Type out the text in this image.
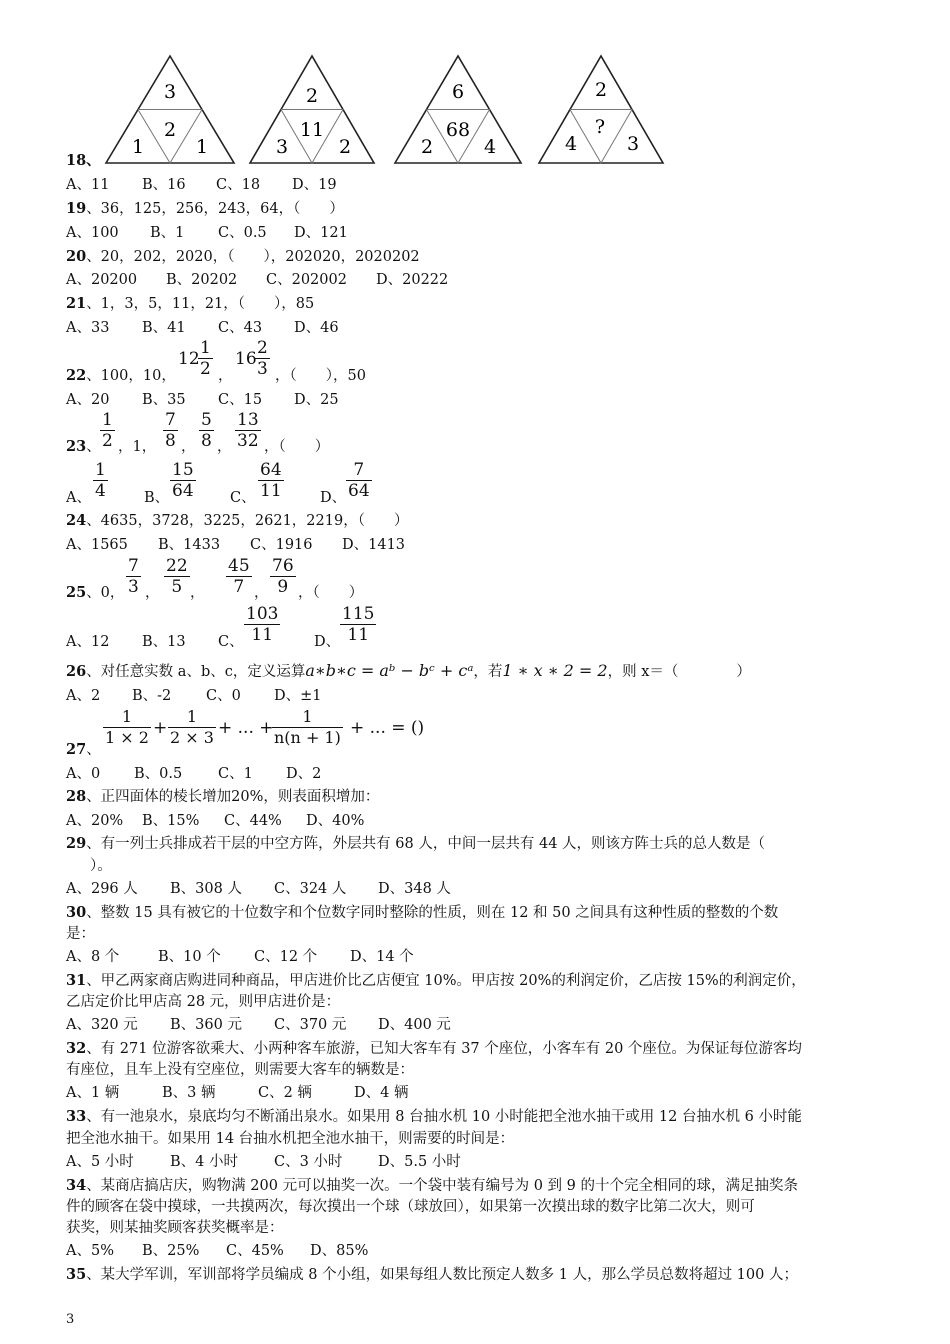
3
2
1	1
2
11
3	2
6
68
2	4
2
?
4	3
18、
A、11 B、16 C、18 D、19
19、36，125，256，243，64，（　　）
A、100 B、1 C、0.5 D、121
20、20，202，2020，（　　），202020，2020202
A、20200 B、20202 C、202002 D、20222
21、1，3，5，11，21，（　　），85
A、33 B、41 C、43 D、46
22、100，10，
12
$\frac{1}{2}$ ，
16
$\frac{2}{3}$ ，（　　），50
A、20 B、35 C、15 D、25
23、 $\frac{1}{2}$ ，1， $\frac{7}{8}$ ， $\frac{5}{8}$ ， $\frac{13}{32}$ ，（　　）
A、 $\frac{1}{4}$ B、 $\frac{15}{64}$ C、 $\frac{64}{11}$	D、 $\frac{7}{64}$
24、4635，3728，3225，2621，2219，（　　）
A、1565 B、1433 C、1916 D、1413
25、0， $\frac{7}{3}$ ， $\frac{22}{5}$ ， $\frac{45}{7}$ ， $\frac{76}{9}$ ，（　　）
A、12 B、13 C、 $\frac{103}{11}$ D、 $\frac{115}{11}$
26、对任意实数 a、b、c，定义运算a∗b∗c = aᵇ − bᶜ + cᵃ，若1 ∗ x ∗ 2 = 2，则 x＝（　　　　）
A、2 B、-2 C、0 D、±1
27、
$\frac{1}{1 \times 2} + \frac{1}{2 \times 3}$ + ... +
$\frac{1}{n(n + 1)}$ + ... = ()
A、0 B、0.5 C、1 D、2
28、正四面体的棱长增加20%，则表面积增加：
A、20% B、15% C、44% D、40%
29、有一列士兵排成若干层的中空方阵，外层共有 68 人，中间一层共有 44 人，则该方阵士兵的总人数是（
）。
A、296 人 B、308 人 C、324 人 D、348 人
30、整数 15 具有被它的十位数字和个位数字同时整除的性质，则在 12 和 50 之间具有这种性质的整数的个数
是：
A、8 个	B、10 个 C、12 个 D、14 个
31、甲乙两家商店购进同种商品，甲店进价比乙店便宜 10%。甲店按 20%的利润定价，乙店按 15%的利润定价，
乙店定价比甲店高 28 元，则甲店进价是：
A、320 元 B、360 元 C、370 元 D、400 元
32、有 271 位游客欲乘大、小两种客车旅游，已知大客车有 37 个座位，小客车有 20 个座位。为保证每位游客均
有座位，且车上没有空座位，则需要大客车的辆数是：
A、1 辆	B、3 辆	C、2 辆	D、4 辆
33、有一池泉水，泉底均匀不断涌出泉水。如果用 8 台抽水机 10 小时能把全池水抽干或用 12 台抽水机 6 小时能
把全池水抽干。如果用 14 台抽水机把全池水抽干，则需要的时间是：
A、5 小时 B、4 小时 C、3 小时 D、5.5 小时
34、某商店搞店庆，购物满 200 元可以抽奖一次。一个袋中装有编号为 0 到 9 的十个完全相同的球，满足抽奖条
件的顾客在袋中摸球，一共摸两次，每次摸出一个球（球放回），如果第一次摸出球的数字比第二次大，则可
获奖，则某抽奖顾客获奖概率是：
A、5% B、25% C、45% D、85%
35、某大学军训，军训部将学员编成 8 个小组，如果每组人数比预定人数多 1 人，那么学员总数将超过 100 人；
3
